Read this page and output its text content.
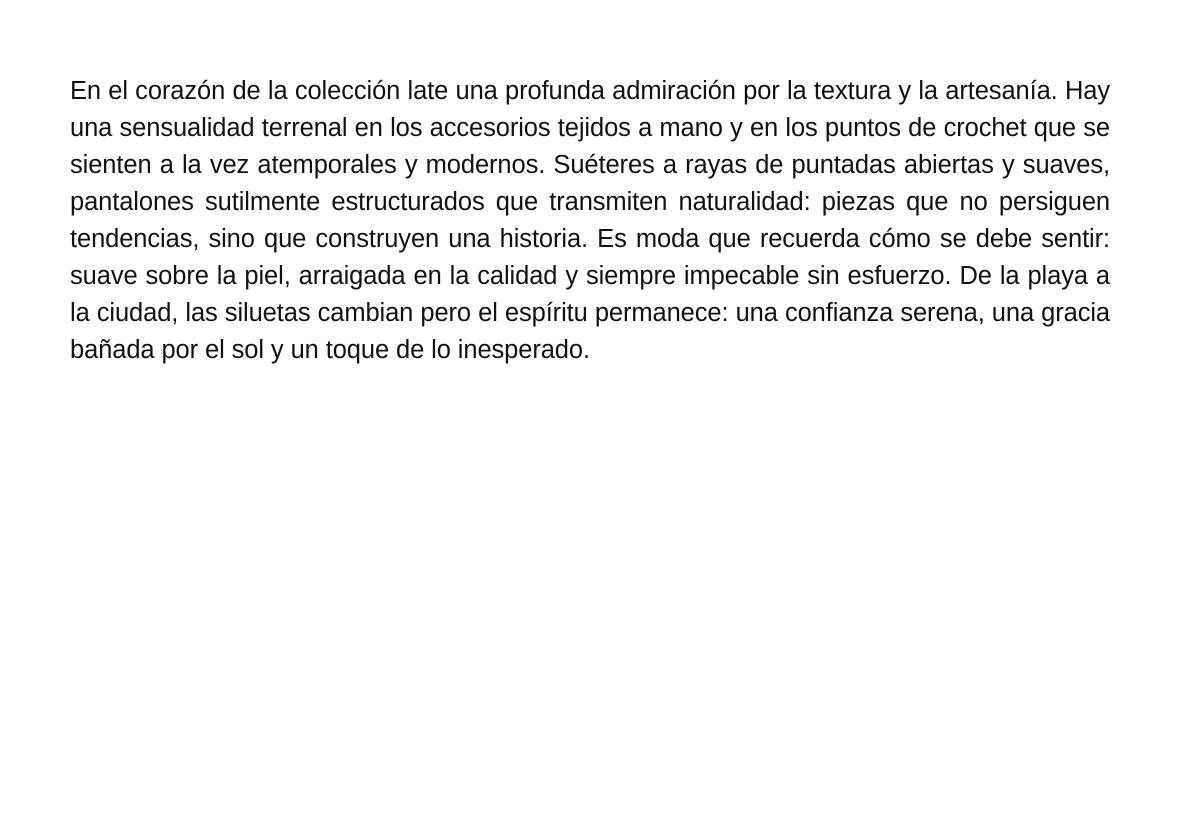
En el corazón de la colección late una profunda admiración por la textura y la artesanía. Hay una sensualidad terrenal en los accesorios tejidos a mano y en los puntos de crochet que se sienten a la vez atemporales y modernos. Suéteres a rayas de puntadas abiertas y suaves, pantalones sutilmente estructurados que transmiten naturalidad: piezas que no persiguen tendencias, sino que construyen una historia. Es moda que recuerda cómo se debe sentir: suave sobre la piel, arraigada en la calidad y siempre impecable sin esfuerzo. De la playa a la ciudad, las siluetas cambian pero el espíritu permanece: una confianza serena, una gracia bañada por el sol y un toque de lo inesperado.
